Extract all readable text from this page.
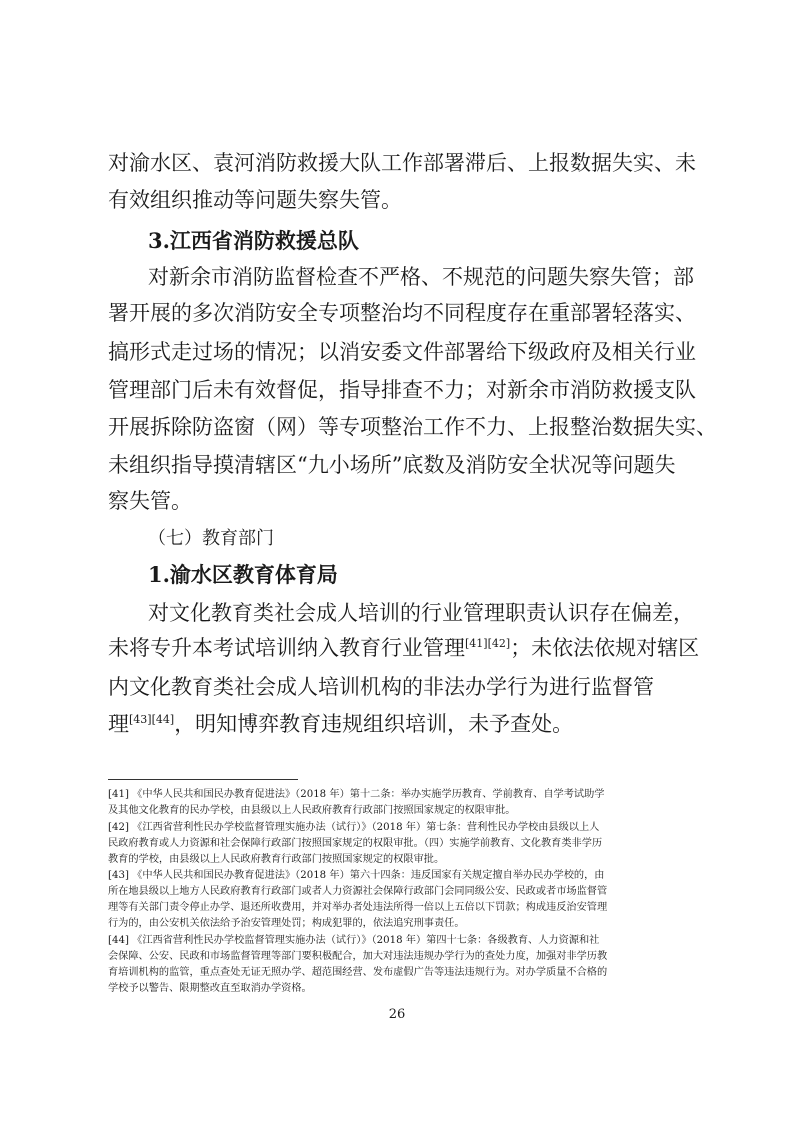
对渝水区、袁河消防救援大队工作部署滞后、上报数据失实、未
有效组织推动等问题失察失管。
3.江西省消防救援总队
对新余市消防监督检查不严格、不规范的问题失察失管；部
署开展的多次消防安全专项整治均不同程度存在重部署轻落实、
搞形式走过场的情况；以消安委文件部署给下级政府及相关行业
管理部门后未有效督促，指导排查不力；对新余市消防救援支队
开展拆除防盗窗（网）等专项整治工作不力、上报整治数据失实、
未组织指导摸清辖区“九小场所”底数及消防安全状况等问题失
察失管。
（七）教育部门
1.渝水区教育体育局
对文化教育类社会成人培训的行业管理职责认识存在偏差，
未将专升本考试培训纳入教育行业管理[41][42]；未依法依规对辖区
内文化教育类社会成人培训机构的非法办学行为进行监督管
理[43][44]，明知博弈教育违规组织培训，未予查处。
[41] 《中华人民共和国民办教育促进法》（2018 年）第十二条：举办实施学历教育、学前教育、自学考试助学
及其他文化教育的民办学校，由县级以上人民政府教育行政部门按照国家规定的权限审批。
[42] 《江西省营利性民办学校监督管理实施办法（试行）》（2018 年）第七条：营利性民办学校由县级以上人
民政府教育或人力资源和社会保障行政部门按照国家规定的权限审批。（四）实施学前教育、文化教育类非学历
教育的学校，由县级以上人民政府教育行政部门按照国家规定的权限审批。
[43] 《中华人民共和国民办教育促进法》（2018 年）第六十四条：违反国家有关规定擅自举办民办学校的，由
所在地县级以上地方人民政府教育行政部门或者人力资源社会保障行政部门会同同级公安、民政或者市场监督管
理等有关部门责令停止办学、退还所收费用，并对举办者处违法所得一倍以上五倍以下罚款；构成违反治安管理
行为的，由公安机关依法给予治安管理处罚；构成犯罪的，依法追究刑事责任。
[44] 《江西省营利性民办学校监督管理实施办法（试行）》（2018 年）第四十七条：各级教育、人力资源和社
会保障、公安、民政和市场监督管理等部门要积极配合，加大对违法违规办学行为的查处力度，加强对非学历教
育培训机构的监管，重点查处无证无照办学、超范围经营、发布虚假广告等违法违规行为。对办学质量不合格的
学校予以警告、限期整改直至取消办学资格。
26
